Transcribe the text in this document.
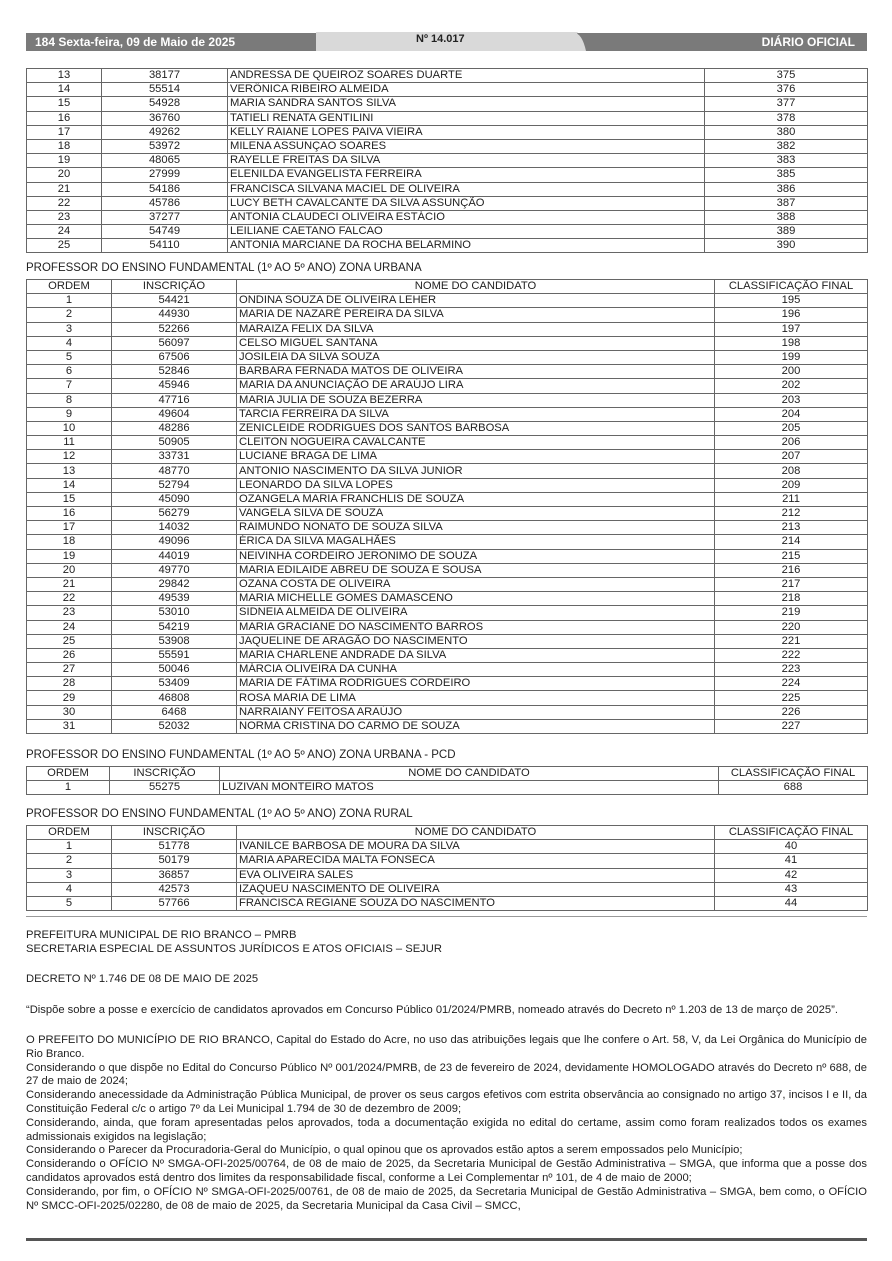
184 Sexta-feira, 09 de Maio de 2025	Nº 14.017	DIÁRIO OFICIAL
13	38177	ANDRESSA DE QUEIROZ SOARES DUARTE	375
14	55514	VERÔNICA RIBEIRO ALMEIDA	376
15	54928	MARIA SANDRA SANTOS SILVA	377
16	36760	TATIELI RENATA GENTILINI	378
17	49262	KELLY RAIANE LOPES PAIVA VIEIRA	380
18	53972	MILENA ASSUNÇAO SOARES	382
19	48065	RAYELLE FREITAS DA SILVA	383
20	27999	ELENILDA EVANGELISTA FERREIRA	385
21	54186	FRANCISCA SILVANA MACIEL DE OLIVEIRA	386
22	45786	LUCY BETH CAVALCANTE DA SILVA ASSUNÇÃO	387
23	37277	ANTONIA CLAUDECI OLIVEIRA ESTÁCIO	388
24	54749	LEILIANE CAETANO FALCAO	389
25	54110	ANTONIA MARCIANE DA ROCHA BELARMINO	390
PROFESSOR DO ENSINO FUNDAMENTAL (1º AO 5º ANO) ZONA URBANA
ORDEM	INSCRIÇÃO	NOME DO CANDIDATO	CLASSIFICAÇÃO FINAL
1	54421	ONDINA SOUZA DE OLIVEIRA LEHER	195
2	44930	MARIA DE NAZARÉ PEREIRA DA SILVA	196
3	52266	MARAIZA FELIX DA SILVA	197
4	56097	CELSO MIGUEL SANTANA	198
5	67506	JOSILEIA DA SILVA SOUZA	199
6	52846	BARBARA FERNADA MATOS DE OLIVEIRA	200
7	45946	MARIA DA ANUNCIAÇÃO DE ARAÚJO LIRA	202
8	47716	MARIA JULIA DE SOUZA BEZERRA	203
9	49604	TARCIA FERREIRA DA SILVA	204
10	48286	ZENICLEIDE RODRIGUES DOS SANTOS BARBOSA	205
11	50905	CLEITON NOGUEIRA CAVALCANTE	206
12	33731	LUCIANE BRAGA DE LIMA	207
13	48770	ANTONIO NASCIMENTO DA SILVA JUNIOR	208
14	52794	LEONARDO DA SILVA LOPES	209
15	45090	OZANGELA MARIA FRANCHLIS DE SOUZA	211
16	56279	VANGELA SILVA DE SOUZA	212
17	14032	RAIMUNDO NONATO DE SOUZA SILVA	213
18	49096	ÉRICA DA SILVA MAGALHÃES	214
19	44019	NEIVINHA CORDEIRO JERONIMO DE SOUZA	215
20	49770	MARIA EDILAIDE ABREU DE SOUZA E SOUSA	216
21	29842	OZANA COSTA DE OLIVEIRA	217
22	49539	MARIA MICHELLE GOMES DAMASCENO	218
23	53010	SIDNEIA ALMEIDA DE OLIVEIRA	219
24	54219	MARIA GRACIANE DO NASCIMENTO BARROS	220
25	53908	JAQUELINE DE ARAGÃO DO NASCIMENTO	221
26	55591	MARIA CHARLENE ANDRADE DA SILVA	222
27	50046	MÁRCIA OLIVEIRA DA CUNHA	223
28	53409	MARIA DE FÁTIMA RODRIGUES CORDEIRO	224
29	46808	ROSA MARIA DE LIMA	225
30	6468	NARRAIANY FEITOSA ARAÚJO	226
31	52032	NORMA CRISTINA DO CARMO DE SOUZA	227
PROFESSOR DO ENSINO FUNDAMENTAL (1º AO 5º ANO) ZONA URBANA - PCD
ORDEM	INSCRIÇÃO	NOME DO CANDIDATO	CLASSIFICAÇÃO FINAL
1	55275	LUZIVAN MONTEIRO MATOS	688
PROFESSOR DO ENSINO FUNDAMENTAL (1º AO 5º ANO) ZONA RURAL
ORDEM	INSCRIÇÃO	NOME DO CANDIDATO	CLASSIFICAÇÃO FINAL
1	51778	IVANILCE BARBOSA DE MOURA DA SILVA	40
2	50179	MARIA APARECIDA MALTA FONSECA	41
3	36857	EVA OLIVEIRA SALES	42
4	42573	IZAQUEU NASCIMENTO DE OLIVEIRA	43
5	57766	FRANCISCA REGIANE SOUZA DO NASCIMENTO	44

PREFEITURA MUNICIPAL DE RIO BRANCO – PMRB

SECRETARIA ESPECIAL DE ASSUNTOS JURÍDICOS E ATOS OFICIAIS – SEJUR

DECRETO Nº 1.746 DE 08 DE MAIO DE 2025

“Dispõe sobre a posse e exercício de candidatos aprovados em Concurso Público 01/2024/PMRB, nomeado através do Decreto nº 1.203 de 13 de março de 2025”.

O PREFEITO DO MUNICÍPIO DE RIO BRANCO, Capital do Estado do Acre, no uso das atribuições legais que lhe confere o Art. 58, V, da Lei Orgânica do Município de Rio Branco.

Considerando o que dispõe no Edital do Concurso Público Nº 001/2024/PMRB, de 23 de fevereiro de 2024, devidamente HOMOLOGADO através do Decreto nº 688, de 27 de maio de 2024;

Considerando anecessidade da Administração Pública Municipal, de prover os seus cargos efetivos com estrita observância ao consignado no artigo 37, incisos I e II, da Constituição Federal c/c o artigo 7º da Lei Municipal 1.794 de 30 de dezembro de 2009;

Considerando, ainda, que foram apresentadas pelos aprovados, toda a documentação exigida no edital do certame, assim como foram realizados todos os exames admissionais exigidos na legislação;

Considerando o Parecer da Procuradoria-Geral do Município, o qual opinou que os aprovados estão aptos a serem empossados pelo Município;

Considerando o OFÍCIO Nº SMGA-OFI-2025/00764, de 08 de maio de 2025, da Secretaria Municipal de Gestão Administrativa – SMGA, que informa que a posse dos candidatos aprovados está dentro dos limites da responsabilidade fiscal, conforme a Lei Complementar nº 101, de 4 de maio de 2000;

Considerando, por fim, o OFÍCIO Nº SMGA-OFI-2025/00761, de 08 de maio de 2025, da Secretaria Municipal de Gestão Administrativa – SMGA, bem como, o OFÍCIO Nº SMCC-OFI-2025/02280, de 08 de maio de 2025, da Secretaria Municipal da Casa Civil – SMCC,
